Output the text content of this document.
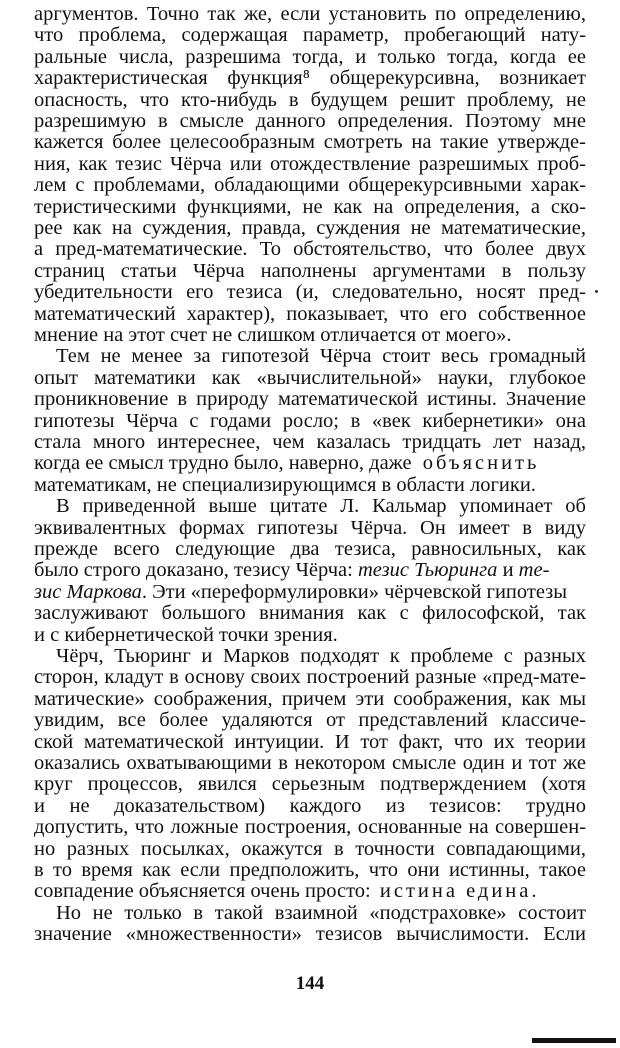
аргументов. Точно так же, если установить по определению,
что проблема, содержащая параметр, пробегающий нату-
ральные числа, разрешима тогда, и только тогда, когда ее
характеристическая функция⁸ общерекурсивна, возникает
опасность, что кто-нибудь в будущем решит проблему, не
разрешимую в смысле данного определения. Поэтому мне
кажется более целесообразным смотреть на такие утвержде-
ния, как тезис Чёрча или отождествление разрешимых проб-
лем с проблемами, обладающими общерекурсивными харак-
теристическими функциями, не как на определения, а ско-
рее как на суждения, правда, суждения не математические,
а пред-математические. То обстоятельство, что более двух
страниц статьи Чёрча наполнены аргументами в пользу
убедительности его тезиса (и, следовательно, носят пред-
математический характер), показывает, что его собственное
мнение на этот счет не слишком отличается от моего».
Тем не менее за гипотезой Чёрча стоит весь громадный
опыт математики как «вычислительной» науки, глубокое
проникновение в природу математической истины. Значение
гипотезы Чёрча с годами росло; в «век кибернетики» она
стала много интереснее, чем казалась тридцать лет назад,
когда ее смысл трудно было, наверно, даже объяснить
математикам, не специализирующимся в области логики.
В приведенной выше цитате Л. Кальмар упоминает об
эквивалентных формах гипотезы Чёрча. Он имеет в виду
прежде всего следующие два тезиса, равносильных, как
было строго доказано, тезису Чёрча: тезис Тьюринга и те-
зис Маркова. Эти «переформулировки» чёрчевской гипотезы
заслуживают большого внимания как с философской, так
и с кибернетической точки зрения.
Чёрч, Тьюринг и Марков подходят к проблеме с разных
сторон, кладут в основу своих построений разные «пред-мате-
матические» соображения, причем эти соображения, как мы
увидим, все более удаляются от представлений классиче-
ской математической интуиции. И тот факт, что их теории
оказались охватывающими в некотором смысле один и тот же
круг процессов, явился серьезным подтверждением (хотя
и не доказательством) каждого из тезисов: трудно
допустить, что ложные построения, основанные на совершен-
но разных посылках, окажутся в точности совпадающими,
в то время как если предположить, что они истинны, такое
совпадение объясняется очень просто: истина едина.
Но не только в такой взаимной «подстраховке» состоит
значение «множественности» тезисов вычислимости. Если
144
